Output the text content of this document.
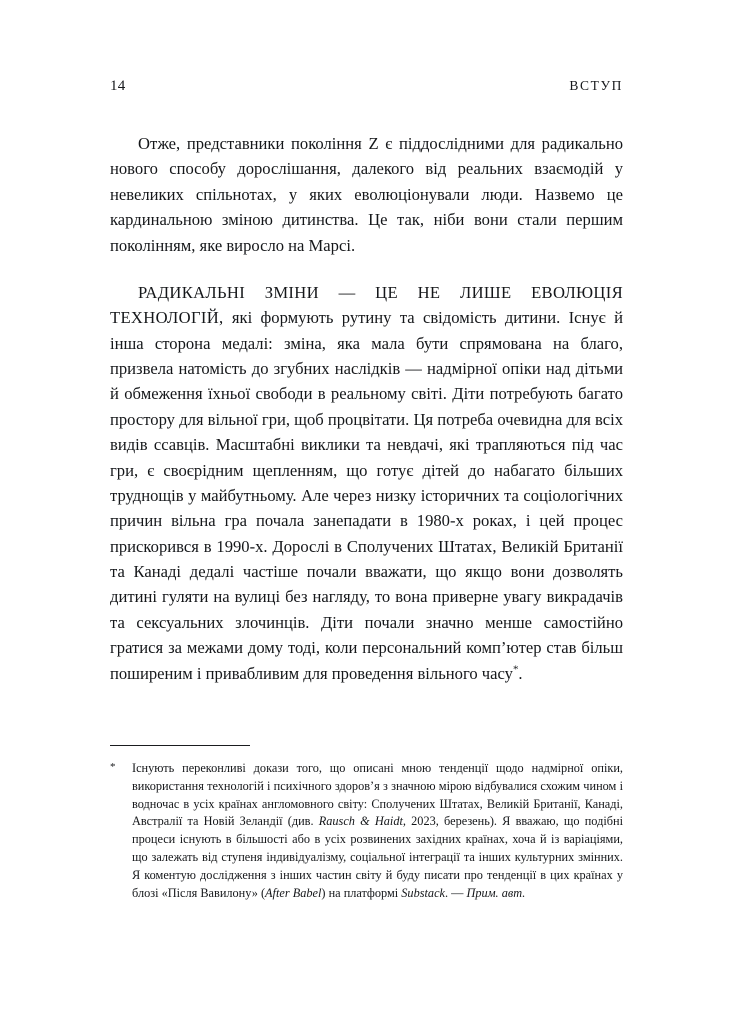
14	ВСТУП

Отже, представники покоління Z є піддослідними для радикально нового способу дорослішання, далекого від реальних взаємодій у невеликих спільнотах, у яких еволюціонували люди. Назвемо це кардинальною зміною дитинства. Це так, ніби вони стали першим поколінням, яке виросло на Марсі.

РАДИКАЛЬНІ ЗМІНИ — ЦЕ НЕ ЛИШЕ ЕВОЛЮЦІЯ ТЕХНОЛОГІЙ, які формують рутину та свідомість дитини. Існує й інша сторона медалі: зміна, яка мала бути спрямована на благо, призвела натомість до згубних наслідків — надмірної опіки над дітьми й обмеження їхньої свободи в реальному світі. Діти потребують багато простору для вільної гри, щоб процвітати. Ця потреба очевидна для всіх видів ссавців. Масштабні виклики та невдачі, які трапляються під час гри, є своєрідним щепленням, що готує дітей до набагато більших труднощів у майбутньому. Але через низку історичних та соціологічних причин вільна гра почала занепадати в 1980-х роках, і цей процес прискорився в 1990-х. Дорослі в Сполучених Штатах, Великій Британії та Канаді дедалі частіше почали вважати, що якщо вони дозволять дитині гуляти на вулиці без нагляду, то вона приверне увагу викрадачів та сексуальних злочинців. Діти почали значно менше самостійно гратися за межами дому тоді, коли персональний комп’ютер став більш поширеним і привабливим для проведення вільного часу*.

*	Існують переконливі докази того, що описані мною тенденції щодо надмірної опіки, використання технологій і психічного здоров’я з значною мірою відбувалися схожим чином і водночас в усіх країнах англомовного світу: Сполучених Штатах, Великій Британії, Канаді, Австралії та Новій Зеландії (див. Rausch & Haidt, 2023, березень). Я вважаю, що подібні процеси існують в більшості або в усіх розвинених західних країнах, хоча й із варіаціями, що залежать від ступеня індивідуалізму, соціальної інтеграції та інших культурних змінних. Я коментую дослідження з інших частин світу й буду писати про тенденції в цих країнах у блозі «Після Вавилону» (After Babel) на платформі Substack. — Прим. авт.
